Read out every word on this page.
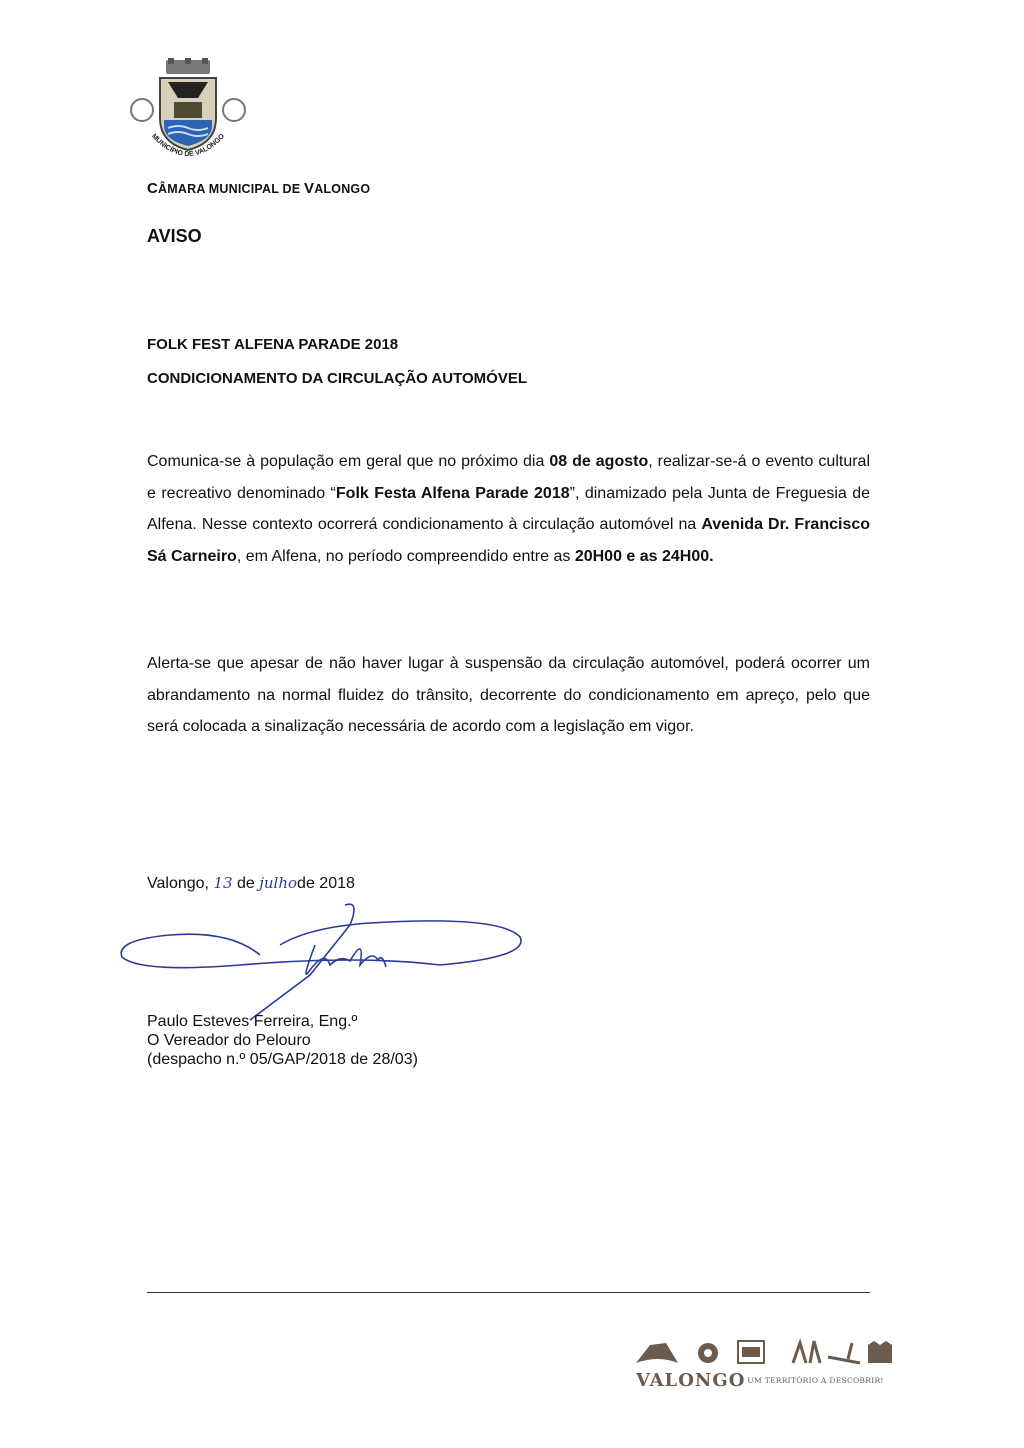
MUNICÍPIO DE VALONGO
CÂMARA MUNICIPAL DE VALONGO
AVISO
FOLK FEST ALFENA PARADE 2018
CONDICIONAMENTO DA CIRCULAÇÃO AUTOMÓVEL
Comunica-se à população em geral que no próximo dia 08 de agosto, realizar-se-á o evento cultural e recreativo denominado “Folk Festa Alfena Parade 2018”, dinamizado pela Junta de Freguesia de Alfena. Nesse contexto ocorrerá condicionamento à circulação automóvel na Avenida Dr. Francisco Sá Carneiro, em Alfena, no período compreendido entre as 20H00 e as 24H00.
Alerta-se que apesar de não haver lugar à suspensão da circulação automóvel, poderá ocorrer um abrandamento na normal fluidez do trânsito, decorrente do condicionamento em apreço, pelo que será colocada a sinalização necessária de acordo com a legislação em vigor.
Valongo, 13 de julhode 2018
Paulo Esteves Ferreira, Eng.º
O Vereador do Pelouro
(despacho n.º 05/GAP/2018 de 28/03)
VALONGO
• UM TERRITÓRIO A DESCOBRIR!
